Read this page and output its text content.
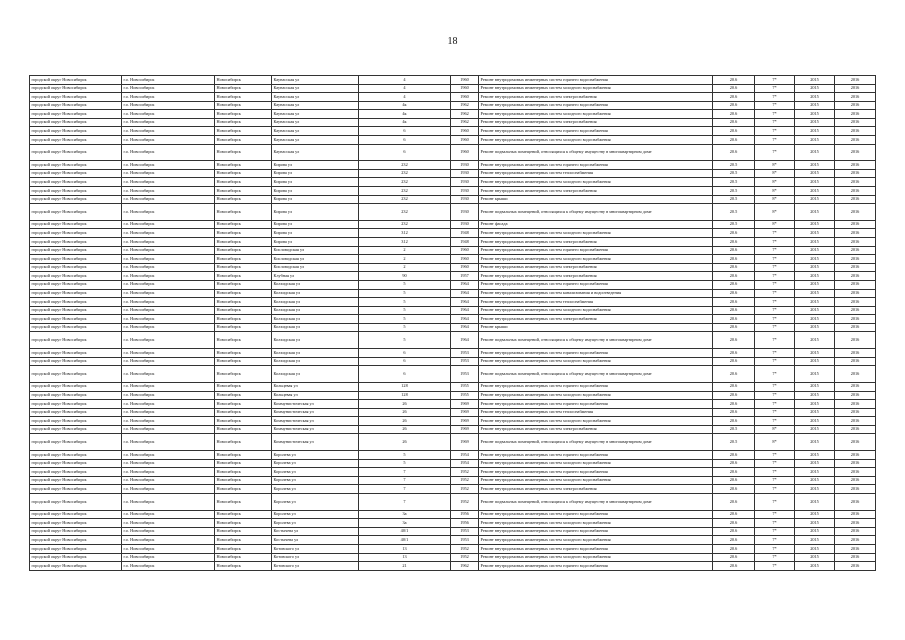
18
городской округ Новосибирск	г.о. Новосибирск	Новосибирск	Каунасская ул	4	1960	Ремонт внутридомовых инженерных систем горячего водоснабжения	20.6	7*	2015	2016
городской округ Новосибирск	г.о. Новосибирск	Новосибирск	Каунасская ул	4	1960	Ремонт внутридомовых инженерных систем холодного водоснабжения	20.6	7*	2015	2016
городской округ Новосибирск	г.о. Новосибирск	Новосибирск	Каунасская ул	4	1960	Ремонт внутридомовых инженерных систем электроснабжения	20.6	7*	2015	2016
городской округ Новосибирск	г.о. Новосибирск	Новосибирск	Каунасская ул	4к	1962	Ремонт внутридомовых инженерных систем горячего водоснабжения	20.6	7*	2015	2016
городской округ Новосибирск	г.о. Новосибирск	Новосибирск	Каунасская ул	4к	1962	Ремонт внутридомовых инженерных систем холодного водоснабжения	20.6	7*	2015	2016
городской округ Новосибирск	г.о. Новосибирск	Новосибирск	Каунасская ул	4к	1962	Ремонт внутридомовых инженерных систем электроснабжения	20.6	7*	2015	2016
городской округ Новосибирск	г.о. Новосибирск	Новосибирск	Каунасская ул	6	1960	Ремонт внутридомовых инженерных систем горячего водоснабжения	20.6	7*	2015	2016
городской округ Новосибирск	г.о. Новосибирск	Новосибирск	Каунасская ул	6	1960	Ремонт внутридомовых инженерных систем холодного водоснабжения	20.6	7*	2015	2016
городской округ Новосибирск	г.о. Новосибирск	Новосибирск	Каунасская ул	6	1960	Ремонт подвальных помещений, относящихся к общему имуществу в многоквартирном доме	20.6	7*	2015	2016
городской округ Новосибирск	г.о. Новосибирск	Новосибирск	Кирова ул	232	1930	Ремонт внутридомовых инженерных систем горячего водоснабжения	20.5	8*	2015	2016
городской округ Новосибирск	г.о. Новосибирск	Новосибирск	Кирова ул	232	1930	Ремонт внутридомовых инженерных систем теплоснабжения	20.5	8*	2015	2016
городской округ Новосибирск	г.о. Новосибирск	Новосибирск	Кирова ул	232	1930	Ремонт внутридомовых инженерных систем холодного водоснабжения	20.5	8*	2015	2016
городской округ Новосибирск	г.о. Новосибирск	Новосибирск	Кирова ул	232	1930	Ремонт внутридомовых инженерных систем электроснабжения	20.5	8*	2015	2016
городской округ Новосибирск	г.о. Новосибирск	Новосибирск	Кирова ул	232	1930	Ремонт крыши	20.5	8*	2015	2016
городской округ Новосибирск	г.о. Новосибирск	Новосибирск	Кирова ул	232	1930	Ремонт подвальных помещений, относящихся к общему имуществу в многоквартирном доме	20.5	8*	2015	2016
городской округ Новосибирск	г.о. Новосибирск	Новосибирск	Кирова ул	232	1930	Ремонт фасада	20.5	8*	2015	2016
городской округ Новосибирск	г.о. Новосибирск	Новосибирск	Кирова ул	312	1948	Ремонт внутридомовых инженерных систем холодного водоснабжения	20.6	7*	2015	2016
городской округ Новосибирск	г.о. Новосибирск	Новосибирск	Кирова ул	312	1948	Ремонт внутридомовых инженерных систем электроснабжения	20.6	7*	2015	2016
городской округ Новосибирск	г.о. Новосибирск	Новосибирск	Кисловодская ул	2	1960	Ремонт внутридомовых инженерных систем горячего водоснабжения	20.6	7*	2015	2016
городской округ Новосибирск	г.о. Новосибирск	Новосибирск	Кисловодская ул	2	1960	Ремонт внутридомовых инженерных систем холодного водоснабжения	20.6	7*	2015	2016
городской округ Новосибирск	г.о. Новосибирск	Новосибирск	Кисловодская ул	2	1960	Ремонт внутридомовых инженерных систем электроснабжения	20.6	7*	2015	2016
городской округ Новосибирск	г.о. Новосибирск	Новосибирск	Клубная ул	90	1957	Ремонт внутридомовых инженерных систем электроснабжения	20.6	7*	2015	2016
городской округ Новосибирск	г.о. Новосибирск	Новосибирск	Колхидская ул	5	1964	Ремонт внутридомовых инженерных систем горячего водоснабжения	20.6	7*	2015	2016
городской округ Новосибирск	г.о. Новосибирск	Новосибирск	Колхидская ул	5	1964	Ремонт внутридомовых инженерных систем канализования и водоотведения	20.6	7*	2015	2016
городской округ Новосибирск	г.о. Новосибирск	Новосибирск	Колхидская ул	5	1964	Ремонт внутридомовых инженерных систем теплоснабжения	20.6	7*	2015	2016
городской округ Новосибирск	г.о. Новосибирск	Новосибирск	Колхидская ул	5	1964	Ремонт внутридомовых инженерных систем холодного водоснабжения	20.6	7*	2015	2016
городской округ Новосибирск	г.о. Новосибирск	Новосибирск	Колхидская ул	5	1964	Ремонт внутридомовых инженерных систем электроснабжения	20.6	7*	2015	2016
городской округ Новосибирск	г.о. Новосибирск	Новосибирск	Колхидская ул	5	1964	Ремонт крыши	20.6	7*	2015	2016
городской округ Новосибирск	г.о. Новосибирск	Новосибирск	Колхидская ул	5	1964	Ремонт подвальных помещений, относящихся к общему имуществу в многоквартирном доме	20.6	7*	2015	2016
городской округ Новосибирск	г.о. Новосибирск	Новосибирск	Колхидская ул	6	1953	Ремонт внутридомовых инженерных систем горячего водоснабжения	20.6	7*	2015	2016
городской округ Новосибирск	г.о. Новосибирск	Новосибирск	Колхидская ул	6	1953	Ремонт внутридомовых инженерных систем холодного водоснабжения	20.6	7*	2015	2016
городской округ Новосибирск	г.о. Новосибирск	Новосибирск	Колхидская ул	6	1953	Ремонт подвальных помещений, относящихся к общему имуществу в многоквартирном доме	20.6	7*	2015	2016
городской округ Новосибирск	г.о. Новосибирск	Новосибирск	Кольцевая ул	128	1955	Ремонт внутридомовых инженерных систем горячего водоснабжения	20.6	7*	2015	2016
городской округ Новосибирск	г.о. Новосибирск	Новосибирск	Кольцевая ул	128	1955	Ремонт внутридомовых инженерных систем холодного водоснабжения	20.6	7*	2015	2016
городской округ Новосибирск	г.о. Новосибирск	Новосибирск	Коммунистическая ул	26	1969	Ремонт внутридомовых инженерных систем горячего водоснабжения	20.6	7*	2015	2016
городской округ Новосибирск	г.о. Новосибирск	Новосибирск	Коммунистическая ул	26	1969	Ремонт внутридомовых инженерных систем теплоснабжения	20.6	7*	2015	2016
городской округ Новосибирск	г.о. Новосибирск	Новосибирск	Коммунистическая ул	26	1969	Ремонт внутридомовых инженерных систем холодного водоснабжения	20.6	7*	2015	2016
городской округ Новосибирск	г.о. Новосибирск	Новосибирск	Коммунистическая ул	26	1969	Ремонт внутридомовых инженерных систем электроснабжения	20.5	8*	2015	2016
городской округ Новосибирск	г.о. Новосибирск	Новосибирск	Коммунистическая ул	26	1969	Ремонт подвальных помещений, относящихся к общему имуществу в многоквартирном доме	20.5	8*	2015	2016
городской округ Новосибирск	г.о. Новосибирск	Новосибирск	Королева ул	5	1954	Ремонт внутридомовых инженерных систем горячего водоснабжения	20.6	7*	2015	2016
городской округ Новосибирск	г.о. Новосибирск	Новосибирск	Королева ул	5	1954	Ремонт внутридомовых инженерных систем холодного водоснабжения	20.6	7*	2015	2016
городской округ Новосибирск	г.о. Новосибирск	Новосибирск	Королева ул	7	1952	Ремонт внутридомовых инженерных систем горячего водоснабжения	20.6	7*	2015	2016
городской округ Новосибирск	г.о. Новосибирск	Новосибирск	Королева ул	7	1952	Ремонт внутридомовых инженерных систем холодного водоснабжения	20.6	7*	2015	2016
городской округ Новосибирск	г.о. Новосибирск	Новосибирск	Королева ул	7	1952	Ремонт внутридомовых инженерных систем электроснабжения	20.6	7*	2015	2016
городской округ Новосибирск	г.о. Новосибирск	Новосибирск	Королева ул	7	1952	Ремонт подвальных помещений, относящихся к общему имуществу в многоквартирном доме	20.6	7*	2015	2016
городской округ Новосибирск	г.о. Новосибирск	Новосибирск	Королева ул	3а	1956	Ремонт внутридомовых инженерных систем горячего водоснабжения	20.6	7*	2015	2016
городской округ Новосибирск	г.о. Новосибирск	Новосибирск	Королева ул	3а	1956	Ремонт внутридомовых инженерных систем холодного водоснабжения	20.6	7*	2015	2016
городской округ Новосибирск	г.о. Новосибирск	Новосибирск	Костычева ул	40/1	1953	Ремонт внутридомовых инженерных систем горячего водоснабжения	20.6	7*	2015	2016
городской округ Новосибирск	г.о. Новосибирск	Новосибирск	Костычева ул	40/1	1953	Ремонт внутридомовых инженерных систем холодного водоснабжения	20.6	7*	2015	2016
городской округ Новосибирск	г.о. Новосибирск	Новосибирск	Котовского ул	13	1952	Ремонт внутридомовых инженерных систем горячего водоснабжения	20.6	7*	2015	2016
городской округ Новосибирск	г.о. Новосибирск	Новосибирск	Котовского ул	13	1952	Ремонт внутридомовых инженерных систем холодного водоснабжения	20.6	7*	2015	2016
городской округ Новосибирск	г.о. Новосибирск	Новосибирск	Котовского ул	21	1962	Ремонт внутридомовых инженерных систем горячего водоснабжения	20.6	7*	2015	2016
